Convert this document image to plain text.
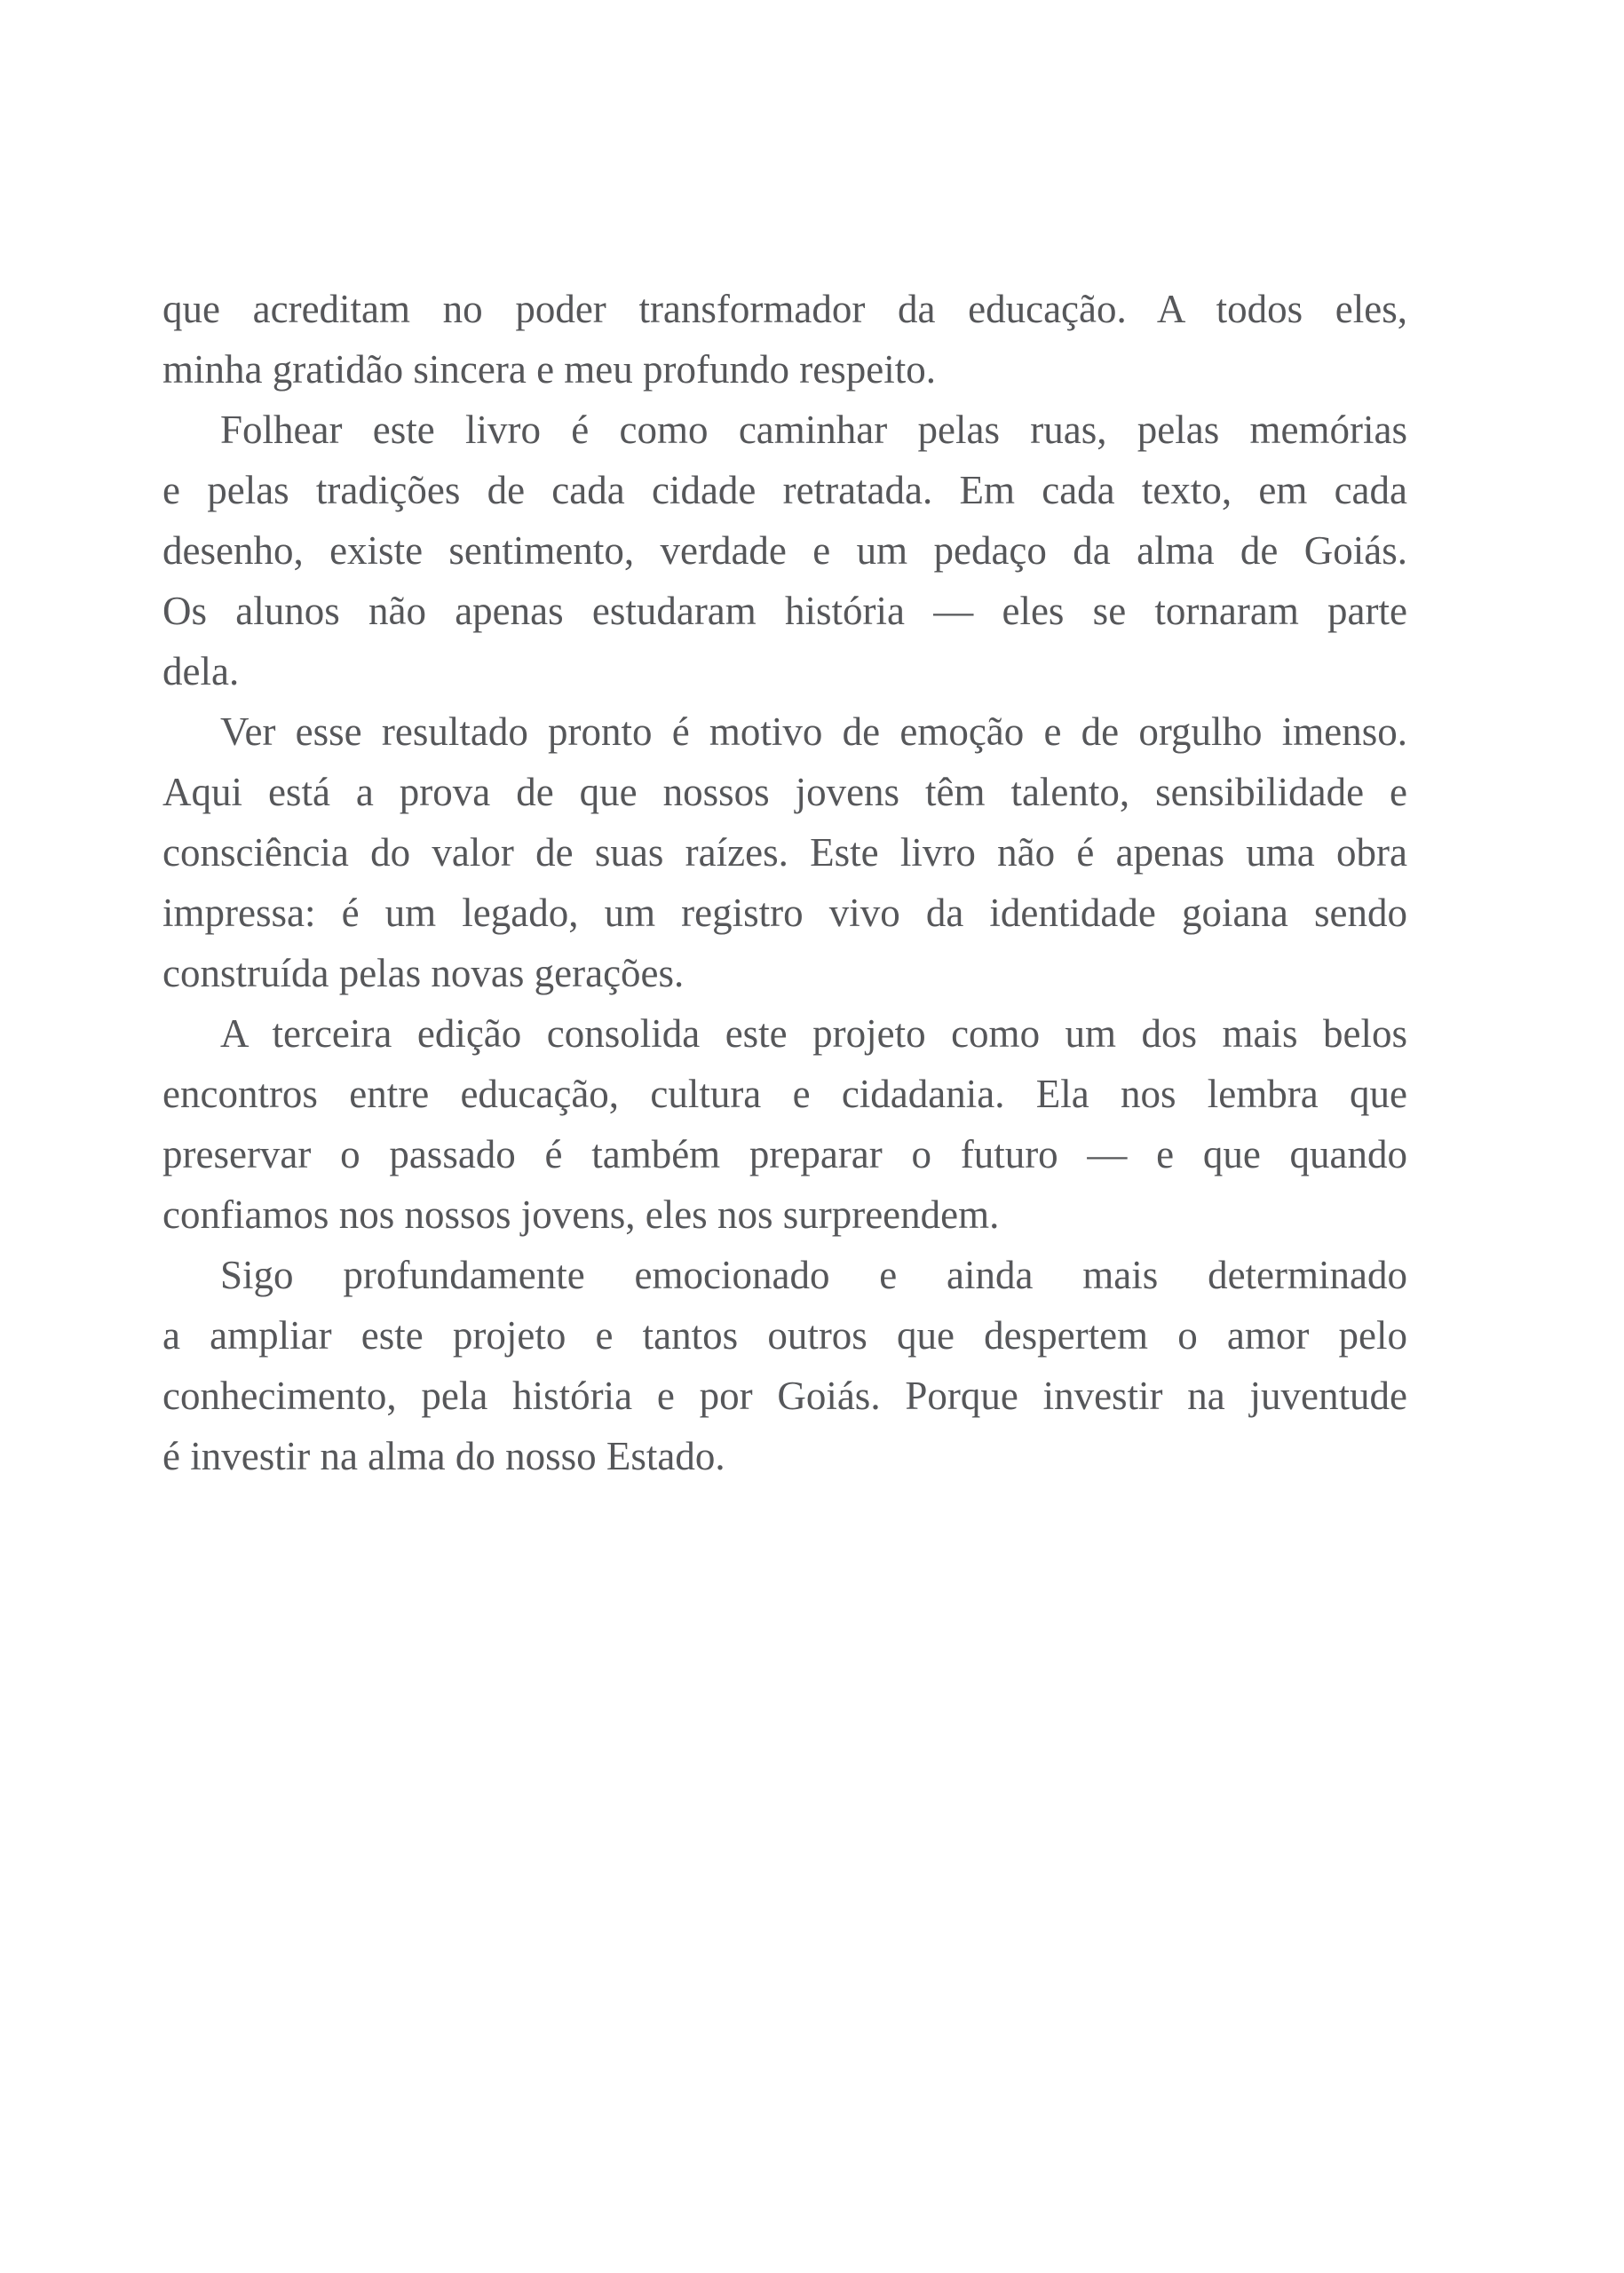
que acreditam no poder transformador da educação. A todos eles,
minha gratidão sincera e meu profundo respeito.
Folhear este livro é como caminhar pelas ruas, pelas memórias
e pelas tradições de cada cidade retratada. Em cada texto, em cada
desenho, existe sentimento, verdade e um pedaço da alma de Goiás.
Os alunos não apenas estudaram história — eles se tornaram parte
dela.
Ver esse resultado pronto é motivo de emoção e de orgulho imenso.
Aqui está a prova de que nossos jovens têm talento, sensibilidade e
consciência do valor de suas raízes. Este livro não é apenas uma obra
impressa: é um legado, um registro vivo da identidade goiana sendo
construída pelas novas gerações.
A terceira edição consolida este projeto como um dos mais belos
encontros entre educação, cultura e cidadania. Ela nos lembra que
preservar o passado é também preparar o futuro — e que quando
confiamos nos nossos jovens, eles nos surpreendem.
Sigo profundamente emocionado e ainda mais determinado
a ampliar este projeto e tantos outros que despertem o amor pelo
conhecimento, pela história e por Goiás. Porque investir na juventude
é investir na alma do nosso Estado.
